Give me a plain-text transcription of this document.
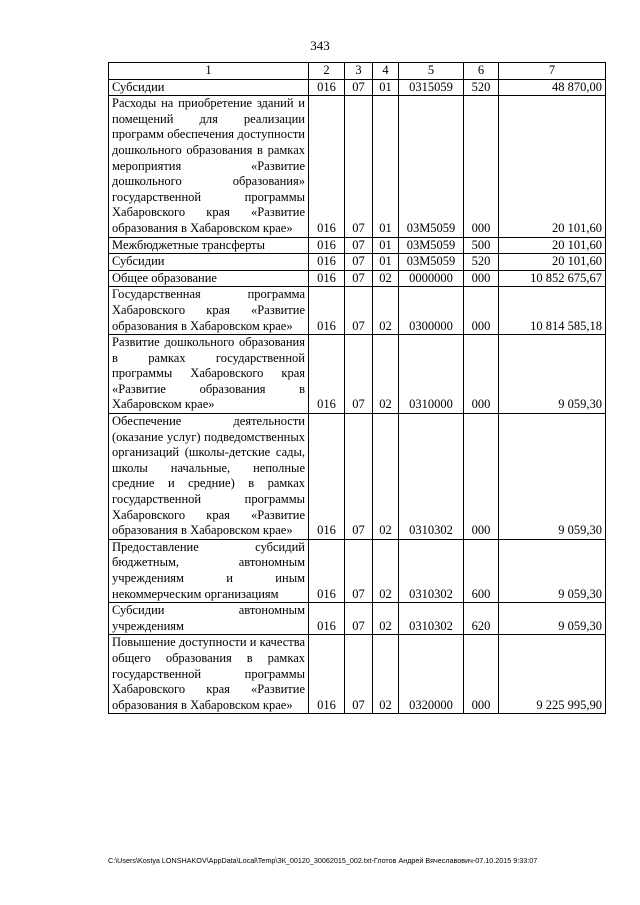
343
1	2	3	4	5	6	7
Субсидии	016	07	01	0315059	520	48 870,00
Расходы на приобретение зданий и помещений для реализации программ обеспечения доступности дошкольного образования в рамках мероприятия «Развитие дошкольного образования» государственной программы Хабаровского края «Развитие образования в Хабаровском крае»	016	07	01	03М5059	000	20 101,60
Межбюджетные трансферты	016	07	01	03М5059	500	20 101,60
Субсидии	016	07	01	03М5059	520	20 101,60
Общее образование	016	07	02	0000000	000	10 852 675,67
Государственная программа Хабаровского края «Развитие образования в Хабаровском крае»	016	07	02	0300000	000	10 814 585,18
Развитие дошкольного образования в рамках государственной программы Хабаровского края «Развитие образования в Хабаровском крае»	016	07	02	0310000	000	9 059,30
Обеспечение деятельности (оказание услуг) подведомственных организаций (школы-детские сады, школы начальные, неполные средние и средние) в рамках государственной программы Хабаровского края «Развитие образования в Хабаровском крае»	016	07	02	0310302	000	9 059,30
Предоставление субсидий бюджетным, автономным учреждениям и иным некоммерческим организациям	016	07	02	0310302	600	9 059,30
Субсидии автономным учреждениям	016	07	02	0310302	620	9 059,30
Повышение доступности и качества общего образования в рамках государственной программы Хабаровского края «Развитие образования в Хабаровском крае»	016	07	02	0320000	000	9 225 995,90
C:\Users\Kostya LONSHAKOV\AppData\Local\Temp\ЗК_00120_30062015_002.txt-Глотов Андрей Вячеславович-07.10.2015 9:33:07
